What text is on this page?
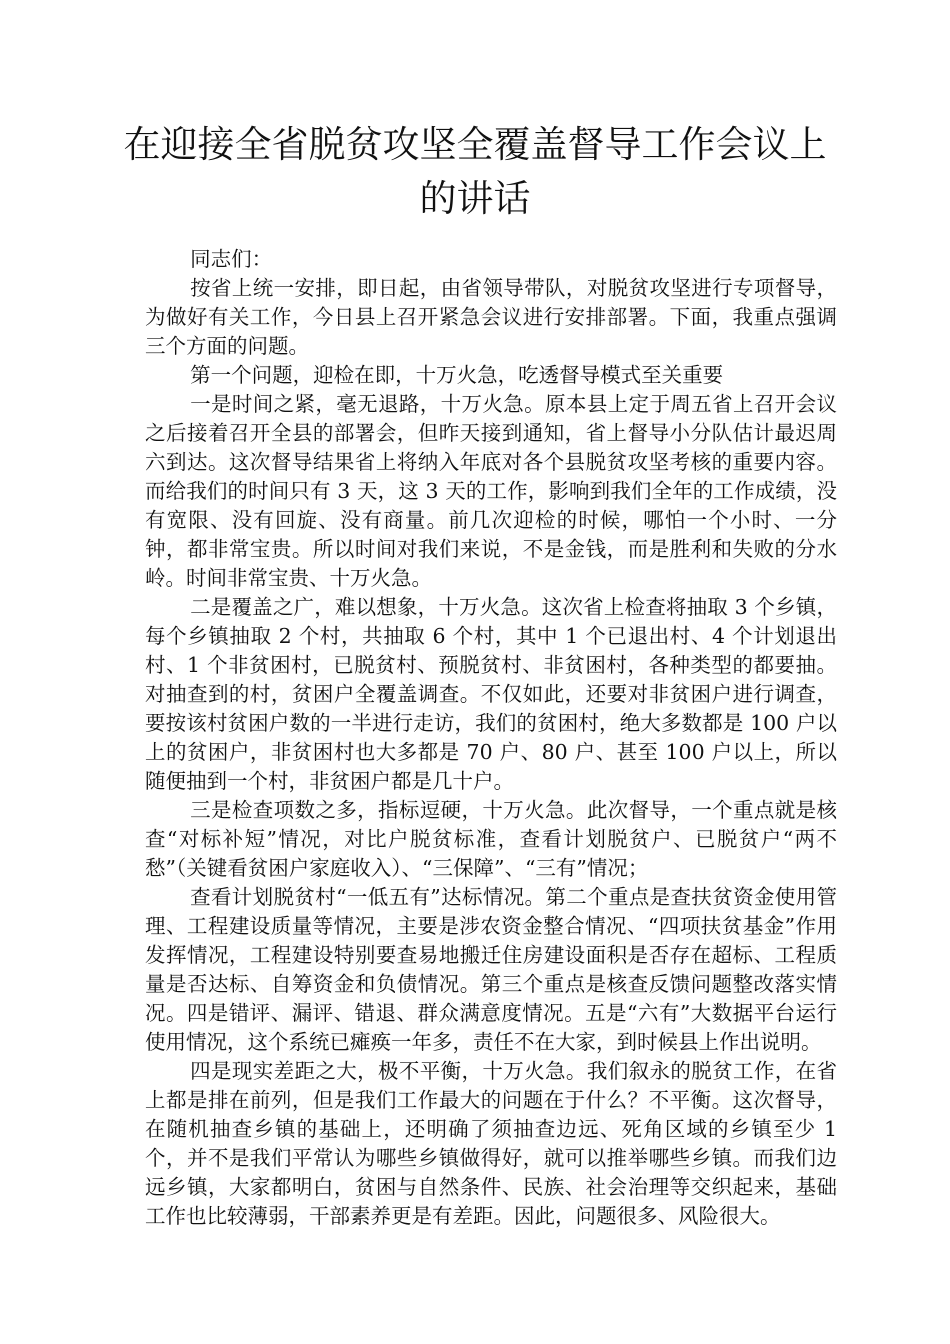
在迎接全省脱贫攻坚全覆盖督导工作会议上的讲话

同志们：

按省上统一安排，即日起，由省领导带队，对脱贫攻坚进行专项督导，为做好有关工作，今日县上召开紧急会议进行安排部署。下面，我重点强调三个方面的问题。

第一个问题，迎检在即，十万火急，吃透督导模式至关重要

一是时间之紧，毫无退路，十万火急。原本县上定于周五省上召开会议之后接着召开全县的部署会，但昨天接到通知，省上督导小分队估计最迟周六到达。这次督导结果省上将纳入年底对各个县脱贫攻坚考核的重要内容。而给我们的时间只有 3 天，这 3 天的工作，影响到我们全年的工作成绩，没有宽限、没有回旋、没有商量。前几次迎检的时候，哪怕一个小时、一分钟，都非常宝贵。所以时间对我们来说，不是金钱，而是胜利和失败的分水岭。时间非常宝贵、十万火急。

二是覆盖之广，难以想象，十万火急。这次省上检查将抽取 3 个乡镇，每个乡镇抽取 2 个村，共抽取 6 个村，其中 1 个已退出村、4 个计划退出村、1 个非贫困村，已脱贫村、预脱贫村、非贫困村，各种类型的都要抽。对抽查到的村，贫困户全覆盖调查。不仅如此，还要对非贫困户进行调查，要按该村贫困户数的一半进行走访，我们的贫困村，绝大多数都是 100 户以上的贫困户，非贫困村也大多都是 70 户、80 户、甚至 100 户以上，所以随便抽到一个村，非贫困户都是几十户。

三是检查项数之多，指标逗硬，十万火急。此次督导，一个重点就是核查“对标补短”情况，对比户脱贫标准，查看计划脱贫户、已脱贫户“两不愁”（关键看贫困户家庭收入）、“三保障”、“三有”情况；

查看计划脱贫村“一低五有”达标情况。第二个重点是查扶贫资金使用管理、工程建设质量等情况，主要是涉农资金整合情况、“四项扶贫基金”作用发挥情况，工程建设特别要查易地搬迁住房建设面积是否存在超标、工程质量是否达标、自筹资金和负债情况。第三个重点是核查反馈问题整改落实情况。四是错评、漏评、错退、群众满意度情况。五是“六有”大数据平台运行使用情况，这个系统已瘫痪一年多，责任不在大家，到时候县上作出说明。

四是现实差距之大，极不平衡，十万火急。我们叙永的脱贫工作，在省上都是排在前列，但是我们工作最大的问题在于什么？不平衡。这次督导，在随机抽查乡镇的基础上，还明确了须抽查边远、死角区域的乡镇至少 1 个，并不是我们平常认为哪些乡镇做得好，就可以推举哪些乡镇。而我们边远乡镇，大家都明白，贫困与自然条件、民族、社会治理等交织起来，基础工作也比较薄弱，干部素养更是有差距。因此，问题很多、风险很大。
